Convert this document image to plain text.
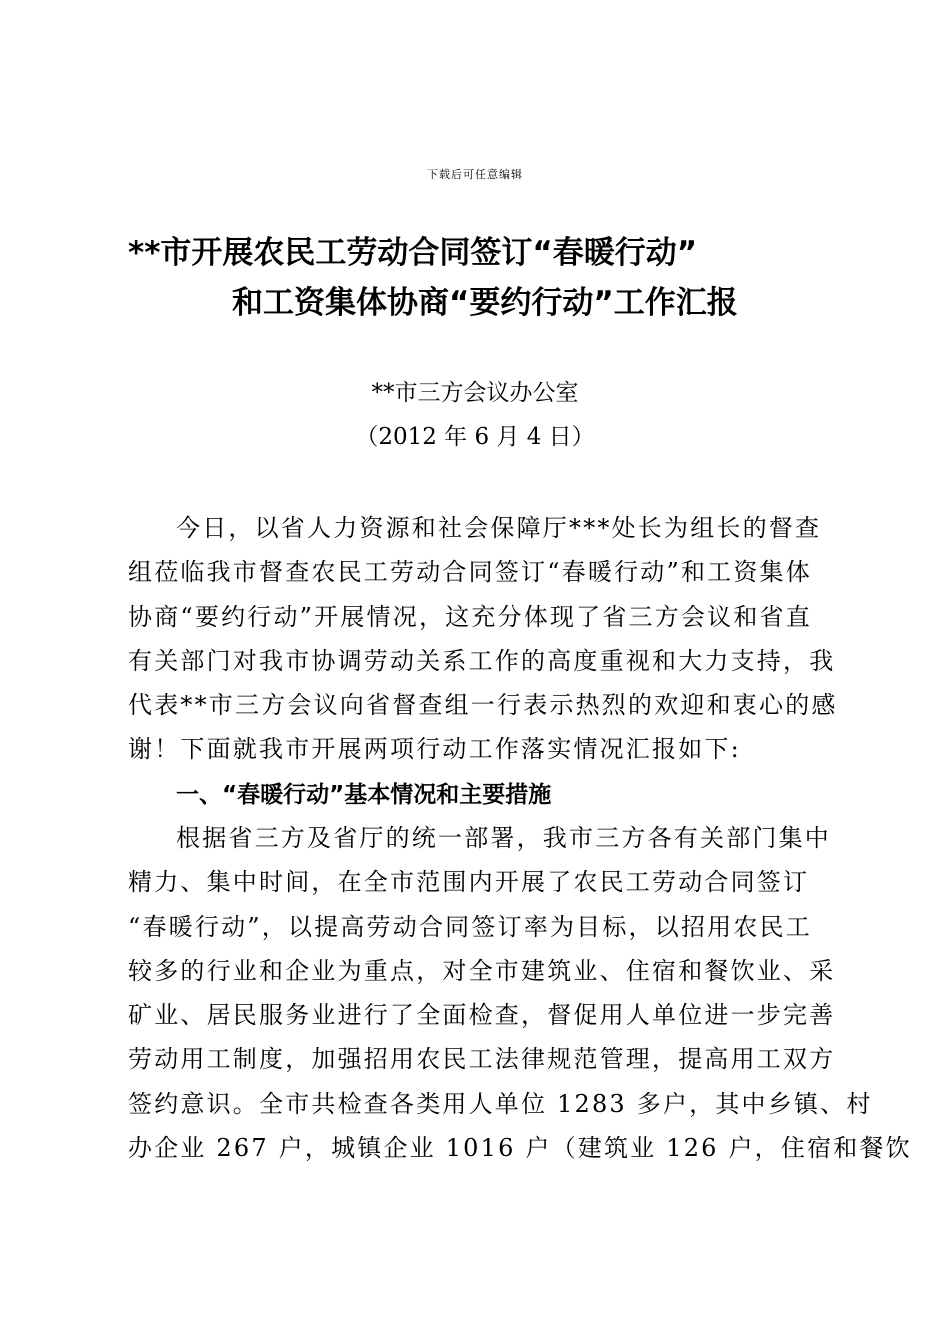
下载后可任意编辑
**市开展农民工劳动合同签订“春暖行动”
和工资集体协商“要约行动”工作汇报
**市三方会议办公室
（2012 年 6 月 4 日）
今日，以省人力资源和社会保障厅***处长为组长的督查
组莅临我市督查农民工劳动合同签订“春暖行动”和工资集体
协商“要约行动”开展情况，这充分体现了省三方会议和省直
有关部门对我市协调劳动关系工作的高度重视和大力支持，我
代表**市三方会议向省督查组一行表示热烈的欢迎和衷心的感
谢！下面就我市开展两项行动工作落实情况汇报如下:
一、“春暖行动”基本情况和主要措施
根据省三方及省厅的统一部署，我市三方各有关部门集中
精力、集中时间，在全市范围内开展了农民工劳动合同签订
“春暖行动”，以提高劳动合同签订率为目标，以招用农民工
较多的行业和企业为重点，对全市建筑业、住宿和餐饮业、采
矿业、居民服务业进行了全面检查，督促用人单位进一步完善
劳动用工制度，加强招用农民工法律规范管理，提高用工双方
签约意识。全市共检查各类用人单位 1283 多户，其中乡镇、村
办企业 267 户，城镇企业 1016 户（建筑业 126 户，住宿和餐饮
